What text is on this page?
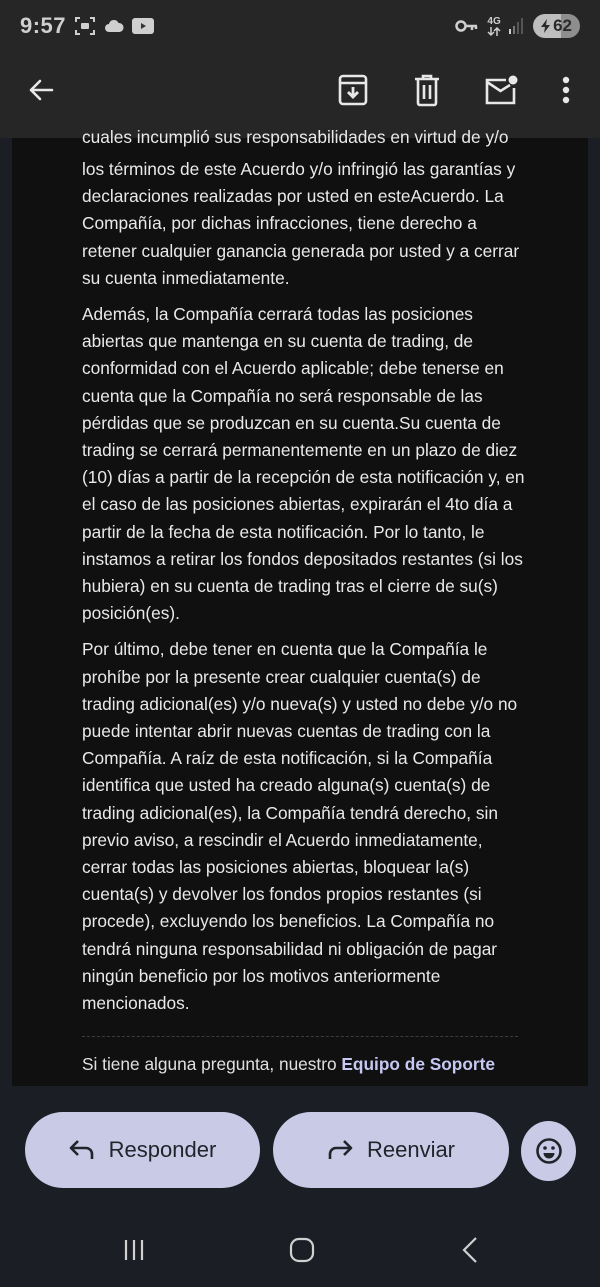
9:57	4G	62
cuales incumplió sus responsabilidades en virtud de y/o

los términos de este Acuerdo y/o infringió las garantías y declaraciones realizadas por usted en esteAcuerdo. La Compañía, por dichas infracciones, tiene derecho a retener cualquier ganancia generada por usted y a cerrar su cuenta inmediatamente.

Además, la Compañía cerrará todas las posiciones abiertas que mantenga en su cuenta de trading, de conformidad con el Acuerdo aplicable; debe tenerse en cuenta que la Compañía no será responsable de las pérdidas que se produzcan en su cuenta.Su cuenta de trading se cerrará permanentemente en un plazo de diez (10) días a partir de la recepción de esta notificación y, en el caso de las posiciones abiertas, expirarán el 4to día a partir de la fecha de esta notificación. Por lo tanto, le instamos a retirar los fondos depositados restantes (si los hubiera) en su cuenta de trading tras el cierre de su(s) posición(es).

Por último, debe tener en cuenta que la Compañía le prohíbe por la presente crear cualquier cuenta(s) de trading adicional(es) y/o nueva(s) y usted no debe y/o no puede intentar abrir nuevas cuentas de trading con la Compañía. A raíz de esta notificación, si la Compañía identifica que usted ha creado alguna(s) cuenta(s) de trading adicional(es), la Compañía tendrá derecho, sin previo aviso, a rescindir el Acuerdo inmediatamente, cerrar todas las posiciones abiertas, bloquear la(s) cuenta(s) y devolver los fondos propios restantes (si procede), excluyendo los beneficios. La Compañía no tendrá ninguna responsabilidad ni obligación de pagar ningún beneficio por los motivos anteriormente mencionados.

Si tiene alguna pregunta, nuestro Equipo de Soporte
Responder	Reenviar
